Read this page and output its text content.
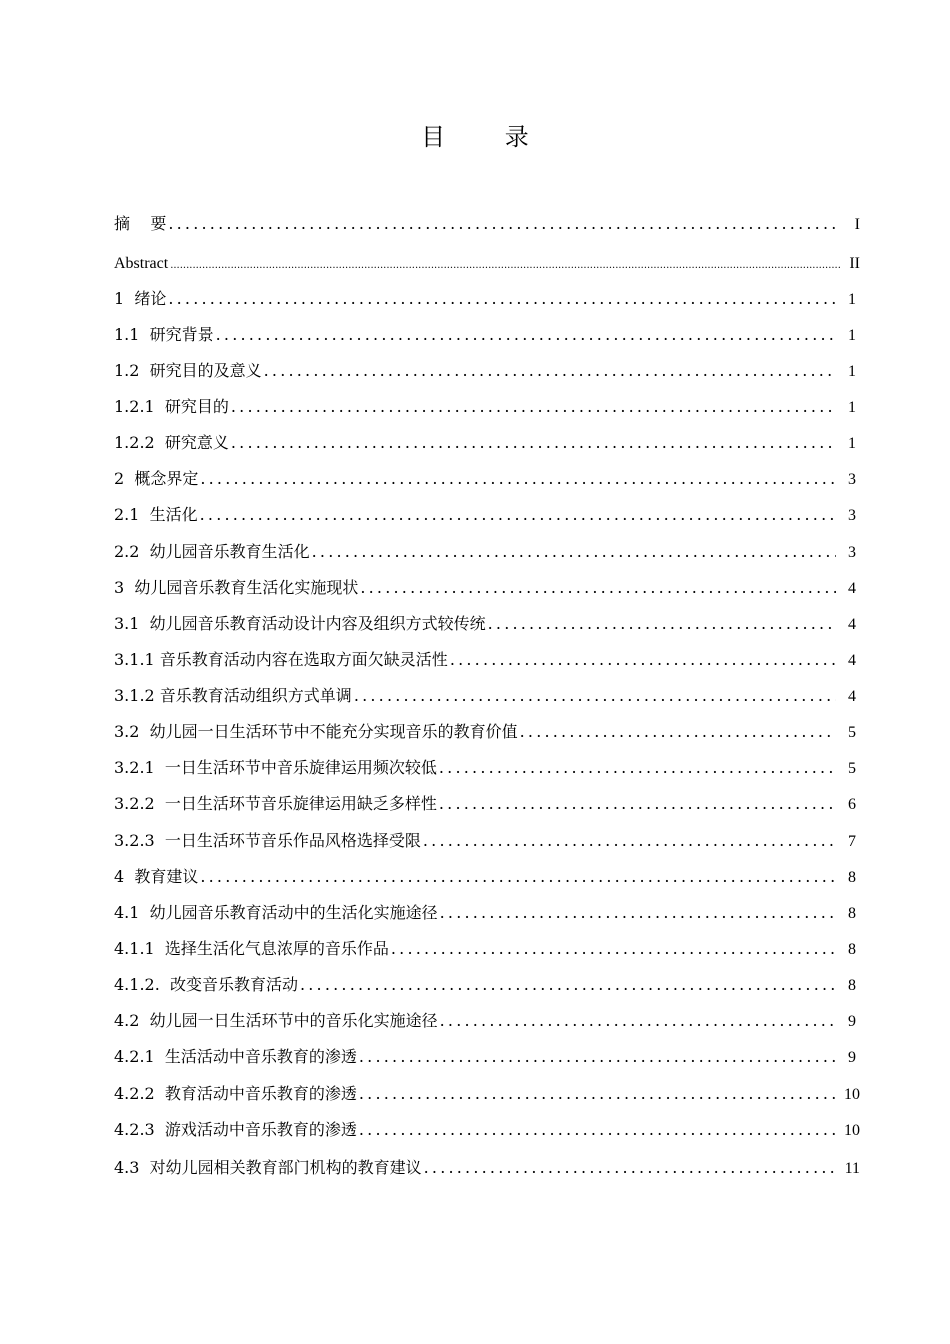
目 录
摘    要 .....	I
Abstract .....	II
1  绪论 .....	1
1.1  研究背景 .....	1
1.2  研究目的及意义 .....	1
1.2.1  研究目的 .....	1
1.2.2  研究意义 .....	1
2  概念界定 .....	3
2.1  生活化 .....	3
2.2  幼儿园音乐教育生活化 .....	3
3  幼儿园音乐教育生活化实施现状 .....	4
3.1  幼儿园音乐教育活动设计内容及组织方式较传统 .....	4
3.1.1 音乐教育活动内容在选取方面欠缺灵活性 .....	4
3.1.2 音乐教育活动组织方式单调 .....	4
3.2  幼儿园一日生活环节中不能充分实现音乐的教育价值 .....	5
3.2.1  一日生活环节中音乐旋律运用频次较低 .....	5
3.2.2  一日生活环节音乐旋律运用缺乏多样性 .....	6
3.2.3  一日生活环节音乐作品风格选择受限 .....	7
4  教育建议 .....	8
4.1  幼儿园音乐教育活动中的生活化实施途径 .....	8
4.1.1  选择生活化气息浓厚的音乐作品 .....	8
4.1.2.  改变音乐教育活动 .....	8
4.2  幼儿园一日生活环节中的音乐化实施途径 .....	9
4.2.1  生活活动中音乐教育的渗透 .....	9
4.2.2  教育活动中音乐教育的渗透 .....	10
4.2.3  游戏活动中音乐教育的渗透 .....	10
4.3  对幼儿园相关教育部门机构的教育建议 .....	11
